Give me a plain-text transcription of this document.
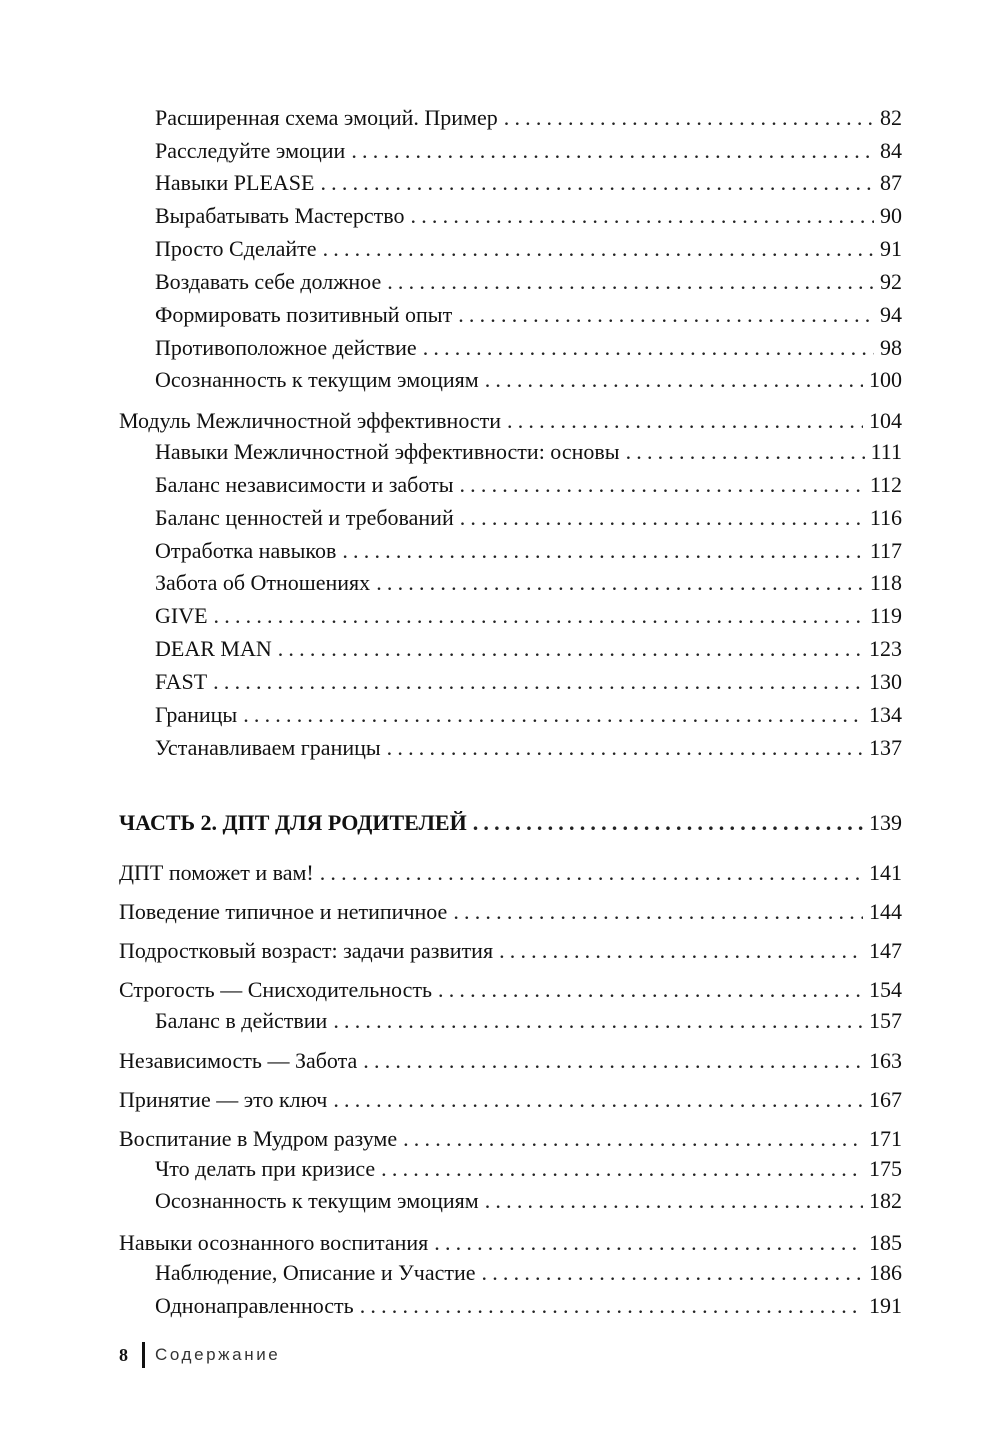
Расширенная схема эмоций. Пример .....	82
Расследуйте эмоции .....	84
Навыки PLEASE .....	87
Вырабатывать Мастерство .....	90
Просто Сделайте .....	91
Воздавать себе должное .....	92
Формировать позитивный опыт .....	94
Противоположное действие .....	98
Осознанность к текущим эмоциям .....	100
Модуль Межличностной эффективности .....	104
Навыки Межличностной эффективности: основы .....	111
Баланс независимости и заботы .....	112
Баланс ценностей и требований .....	116
Отработка навыков .....	117
Забота об Отношениях .....	118
GIVE .....	119
DEAR MAN .....	123
FAST .....	130
Границы .....	134
Устанавливаем границы .....	137
ЧАСТЬ 2. ДПТ ДЛЯ РОДИТЕЛЕЙ .....	139
ДПТ поможет и вам! .....	141
Поведение типичное и нетипичное .....	144
Подростковый возраст: задачи развития .....	147
Строгость — Снисходительность .....	154
Баланс в действии .....	157
Независимость — Забота .....	163
Принятие — это ключ .....	167
Воспитание в Мудром разуме .....	171
Что делать при кризисе .....	175
Осознанность к текущим эмоциям .....	182
Навыки осознанного воспитания .....	185
Наблюдение, Описание и Участие .....	186
Однонаправленность .....	191
8 Содержание
